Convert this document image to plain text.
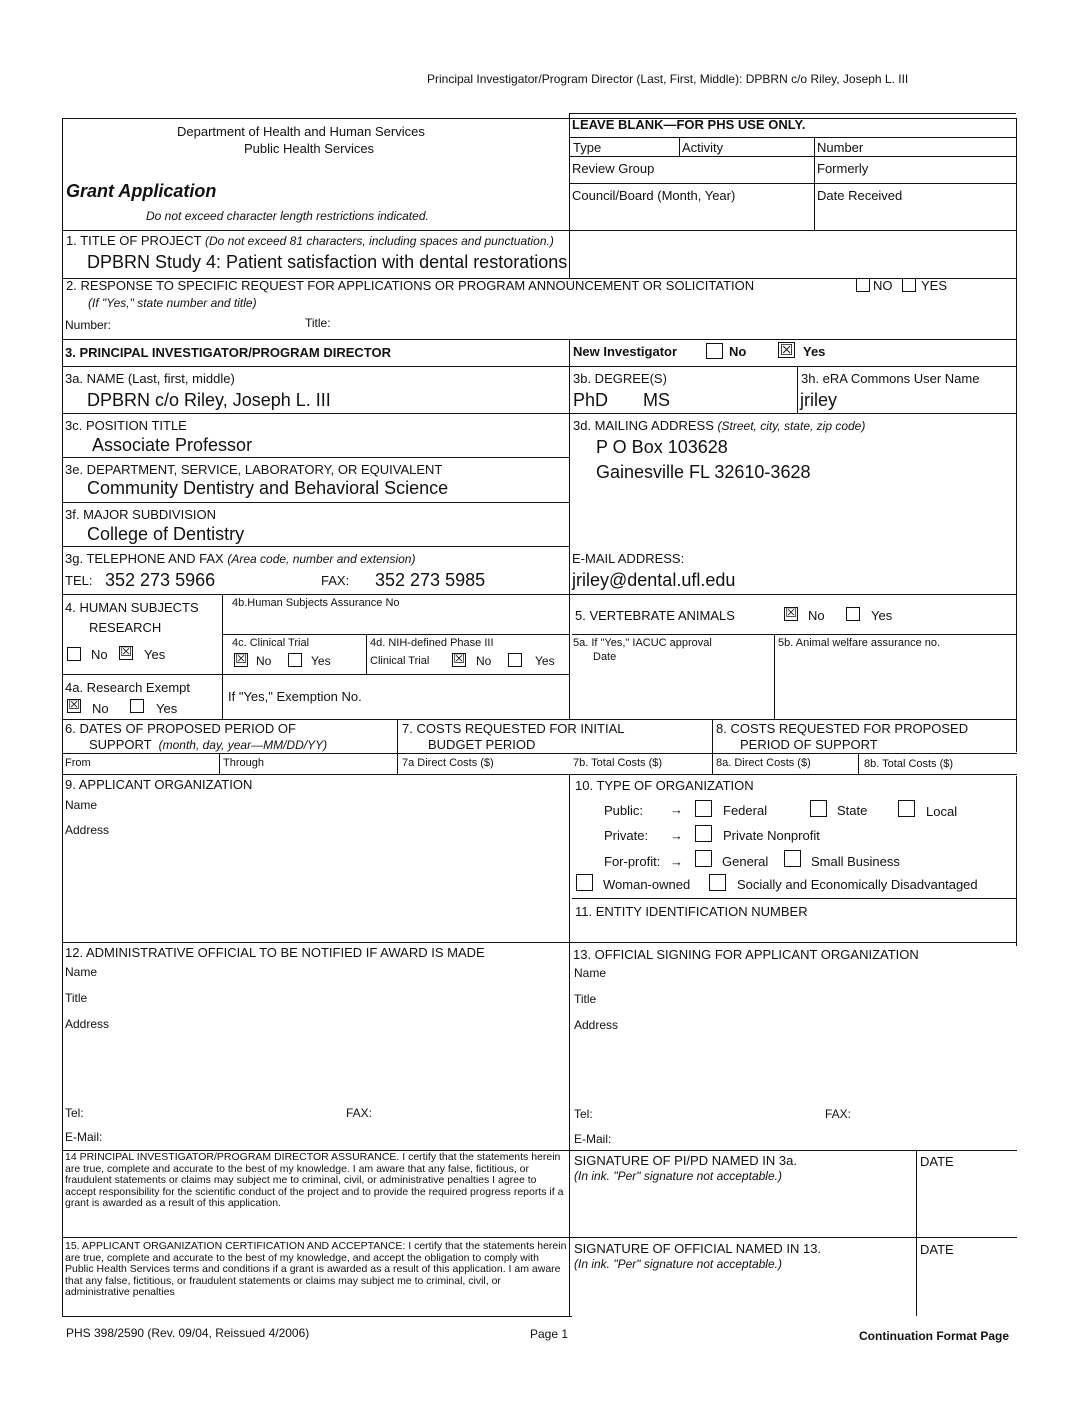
Principal Investigator/Program Director (Last, First, Middle): DPBRN c/o Riley, Joseph L. III
Department of Health and Human Services
Public Health Services
Grant Application
Do not exceed character length restrictions indicated.
LEAVE BLANK—FOR PHS USE ONLY.
Type	Activity	Number
Review Group	Formerly
Council/Board (Month, Year)	Date Received
1. TITLE OF PROJECT (Do not exceed 81 characters, including spaces and punctuation.)
DPBRN Study 4: Patient satisfaction with dental restorations
2. RESPONSE TO SPECIFIC REQUEST FOR APPLICATIONS OR PROGRAM ANNOUNCEMENT OR SOLICITATION	NO YES
(If "Yes," state number and title)
Number:	Title:
3. PRINCIPAL INVESTIGATOR/PROGRAM DIRECTOR	New Investigator	No ☒ Yes
3a. NAME (Last, first, middle)
DPBRN c/o Riley, Joseph L. III
3b. DEGREE(S)
PhD MS
3h. eRA Commons User Name
jriley
3c. POSITION TITLE
Associate Professor
3d. MAILING ADDRESS (Street, city, state, zip code)
P O Box 103628
Gainesville FL 32610-3628
3e. DEPARTMENT, SERVICE, LABORATORY, OR EQUIVALENT
Community Dentistry and Behavioral Science
3f. MAJOR SUBDIVISION
College of Dentistry
3g. TELEPHONE AND FAX (Area code, number and extension)
TEL: 352 273 5966	FAX: 352 273 5985
E-MAIL ADDRESS:
jriley@dental.ufl.edu
4. HUMAN SUBJECTS
RESEARCH
No ☒ Yes
4b.Human Subjects Assurance No
4c. Clinical Trial
☒ No	Yes
4d. NIH-defined Phase III
Clinical Trial ☒ No	Yes
4a. Research Exempt
☒ No	Yes
If "Yes," Exemption No.
5. VERTEBRATE ANIMALS	☒ No	Yes
5a. If "Yes," IACUC approval
Date
5b. Animal welfare assurance no.
6. DATES OF PROPOSED PERIOD OF
SUPPORT (month, day, year—MM/DD/YY)
From	Through
7. COSTS REQUESTED FOR INITIAL
BUDGET PERIOD
7a Direct Costs ($)	7b. Total Costs ($)
8. COSTS REQUESTED FOR PROPOSED
PERIOD OF SUPPORT
8a. Direct Costs ($)	8b. Total Costs ($)
9. APPLICANT ORGANIZATION
Name
Address
10. TYPE OF ORGANIZATION
Public: →	Federal	State	Local
Private: →	Private Nonprofit
For-profit: →	General	Small Business
Woman-owned	Socially and Economically Disadvantaged
11. ENTITY IDENTIFICATION NUMBER
12. ADMINISTRATIVE OFFICIAL TO BE NOTIFIED IF AWARD IS MADE
Name
Title
Address
Tel:	FAX:
E-Mail:
13. OFFICIAL SIGNING FOR APPLICANT ORGANIZATION
Name
Title
Address
Tel:	FAX:
E-Mail:
14 PRINCIPAL INVESTIGATOR/PROGRAM DIRECTOR ASSURANCE. I certify that the statements herein are true, complete and accurate to the best of my knowledge. I am aware that any false, fictitious, or fraudulent statements or claims may subject me to criminal, civil, or administrative penalties I agree to accept responsibility for the scientific conduct of the project and to provide the required progress reports if a grant is awarded as a result of this application.
SIGNATURE OF PI/PD NAMED IN 3a.
(In ink. "Per" signature not acceptable.)
DATE
15. APPLICANT ORGANIZATION CERTIFICATION AND ACCEPTANCE: I certify that the statements herein are true, complete and accurate to the best of my knowledge, and accept the obligation to comply with Public Health Services terms and conditions if a grant is awarded as a result of this application. I am aware that any false, fictitious, or fraudulent statements or claims may subject me to criminal, civil, or administrative penalties
SIGNATURE OF OFFICIAL NAMED IN 13.
(In ink. "Per" signature not acceptable.)
DATE
PHS 398/2590 (Rev. 09/04, Reissued 4/2006)	Page 1	Continuation Format Page
